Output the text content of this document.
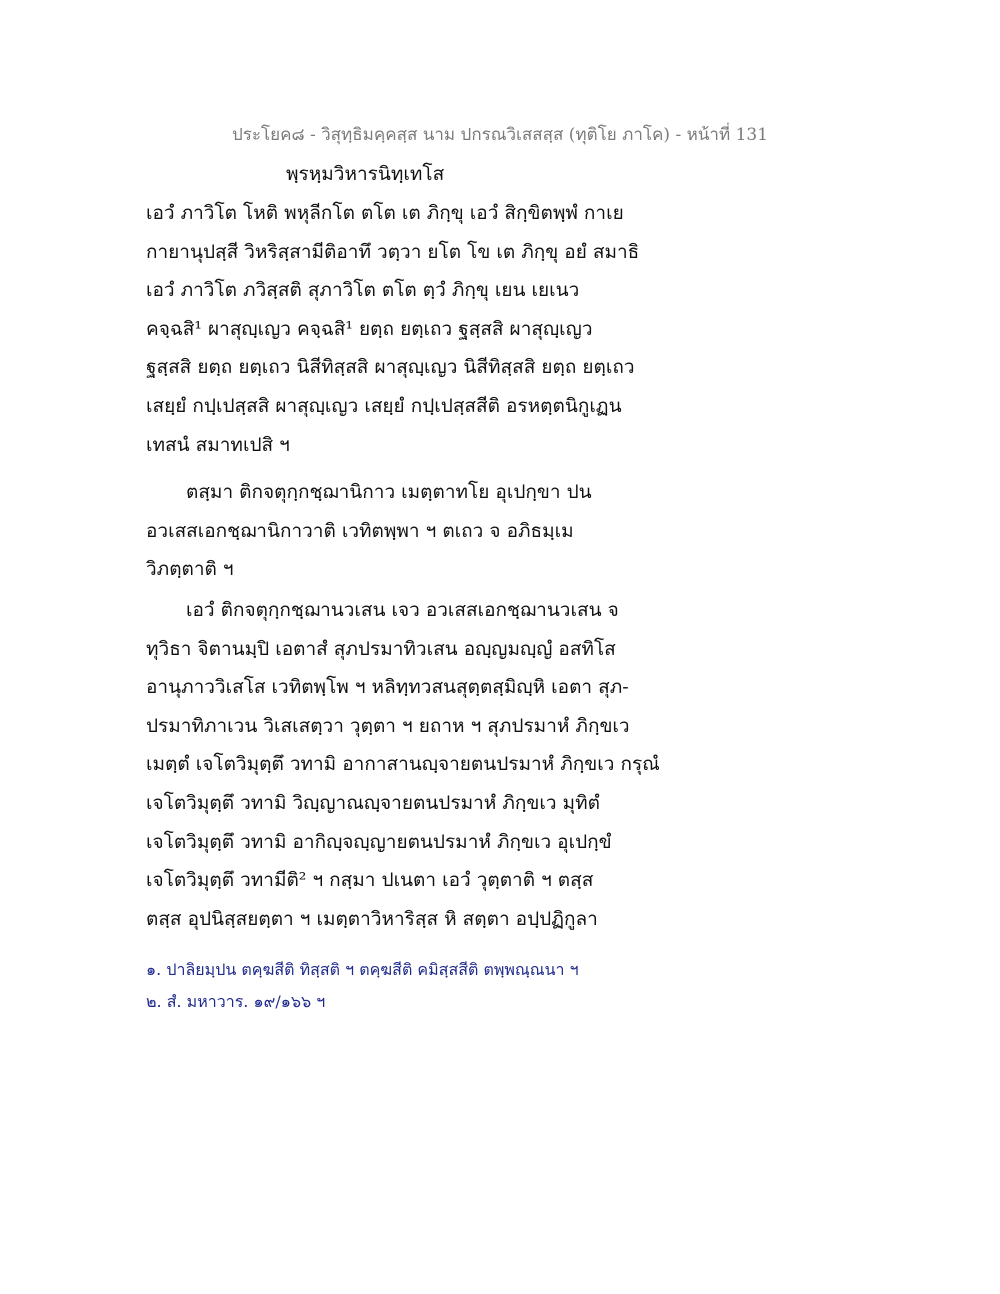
ประโยค๘ - วิสุทฺธิมคฺคสฺส นาม ปกรณวิเสสสฺส (ทุติโย ภาโค) - หน้าที่ 131
พฺรหฺมวิหารนิทฺเทโส
เอวํ ภาวิโต โหติ พหุลีกโต ตโต เต ภิกฺขุ เอวํ สิกฺขิตพฺพํ กาเย
กายานุปสฺสี วิหริสฺสามีติอาทึ วตฺวา ยโต โข เต ภิกฺขุ อยํ สมาธิ
เอวํ ภาวิโต ภวิสฺสติ สุภาวิโต ตโต ตฺวํ ภิกฺขุ เยน เยเนว
คจฺฉสิ¹ ผาสุญฺเญว คจฺฉสิ¹ ยตฺถ ยตฺเถว ฐสฺสสิ ผาสุญฺเญว
ฐสฺสสิ ยตฺถ ยตฺเถว นิสีทิสฺสสิ ผาสุญฺเญว นิสีทิสฺสสิ ยตฺถ ยตฺเถว
เสยฺยํ กปฺเปสฺสสิ ผาสุญฺเญว เสยฺยํ กปฺเปสฺสสีติ อรหตฺตนิกูเฏน
เทสนํ สมาทเปสิ ฯ
ตสฺมา ติกจตุกฺกชฺฌานิกาว เมตฺตาทโย อุเปกฺขา ปน
อวเสสเอกชฺฌานิกาวาติ เวทิตพฺพา ฯ ตเถว จ อภิธมฺเม
วิภตฺตาติ ฯ
เอวํ ติกจตุกฺกชฺฌานวเสน เจว อวเสสเอกชฺฌานวเสน จ
ทุวิธา จิตานมฺปิ เอตาสํ สุภปรมาทิวเสน อญฺญมญฺญํ อสทิโส
อานุภาววิเสโส เวทิตพฺโพ ฯ หลิทฺทวสนสุตฺตสฺมิญฺหิ เอตา สุภ-
ปรมาทิภาเวน วิเสเสตฺวา วุตฺตา ฯ ยถาห ฯ สุภปรมาหํ ภิกฺขเว
เมตฺตํ เจโตวิมุตฺตึ วทามิ อากาสานญฺจายตนปรมาหํ ภิกฺขเว กรุณํ
เจโตวิมุตฺตึ วทามิ วิญฺญาณญฺจายตนปรมาหํ ภิกฺขเว มุทิตํ
เจโตวิมุตฺตึ วทามิ อากิญฺจญฺญายตนปรมาหํ ภิกฺขเว อุเปกฺขํ
เจโตวิมุตฺตึ วทามีติ² ฯ กสฺมา ปเนตา เอวํ วุตฺตาติ ฯ ตสฺส
ตสฺส อุปนิสฺสยตฺตา ฯ เมตฺตาวิหาริสฺส หิ สตฺตา อปฺปฏิกูลา
๑. ปาลิยมฺปน ตคฺฆสีติ ทิสฺสติ ฯ ตคฺฆสีติ คมิสฺสสีติ ตพฺพณฺณนา ฯ
๒. สํ. มหาวาร. ๑๙/๑๖๖ ฯ
